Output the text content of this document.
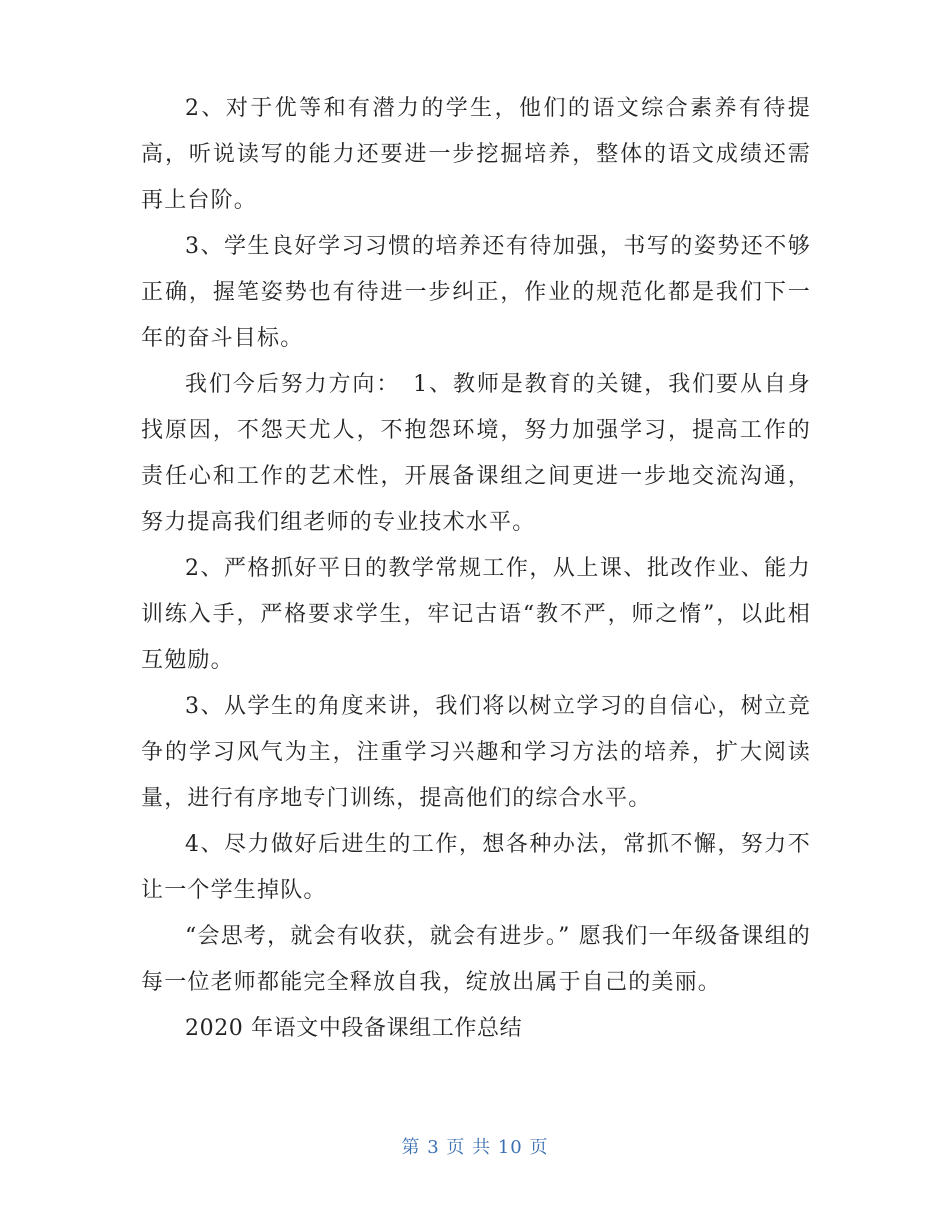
2、对于优等和有潜力的学生，他们的语文综合素养有待提高，听说读写的能力还要进一步挖掘培养，整体的语文成绩还需再上台阶。

3、学生良好学习习惯的培养还有待加强，书写的姿势还不够正确，握笔姿势也有待进一步纠正，作业的规范化都是我们下一年的奋斗目标。

我们今后努力方向：　1、教师是教育的关键，我们要从自身找原因，不怨天尤人，不抱怨环境，努力加强学习，提高工作的责任心和工作的艺术性，开展备课组之间更进一步地交流沟通，努力提高我们组老师的专业技术水平。

2、严格抓好平日的教学常规工作，从上课、批改作业、能力训练入手，严格要求学生，牢记古语“教不严，师之惰”，以此相互勉励。

3、从学生的角度来讲，我们将以树立学习的自信心，树立竞争的学习风气为主，注重学习兴趣和学习方法的培养，扩大阅读量，进行有序地专门训练，提高他们的综合水平。

4、尽力做好后进生的工作，想各种办法，常抓不懈，努力不让一个学生掉队。

“会思考，就会有收获，就会有进步。” 愿我们一年级备课组的每一位老师都能完全释放自我，绽放出属于自己的美丽。

2020 年语文中段备课组工作总结

第 3 页 共 10 页
